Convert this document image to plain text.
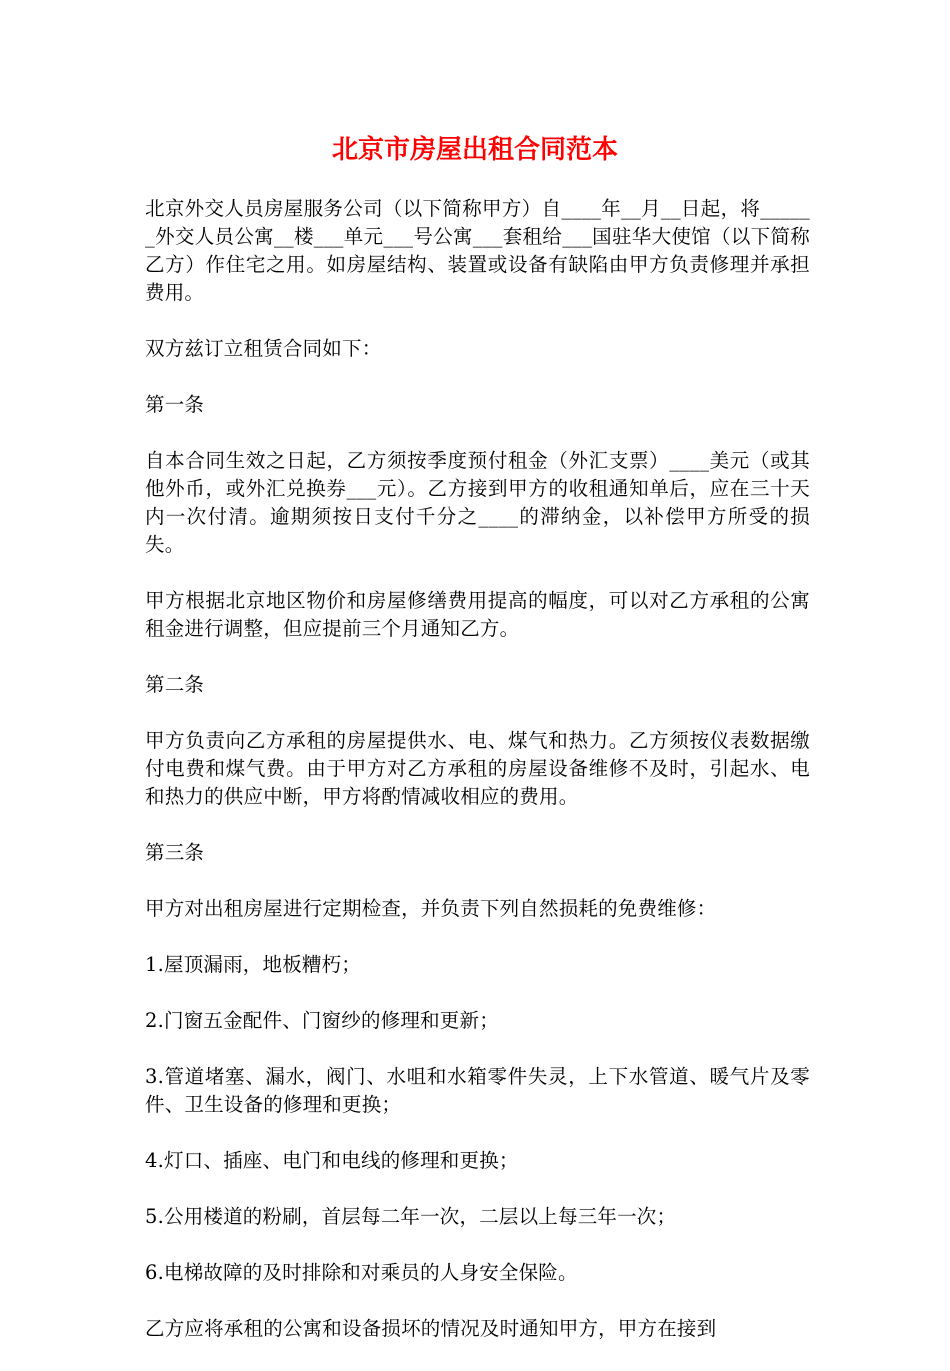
北京市房屋出租合同范本

北京外交人员房屋服务公司（以下简称甲方）自____年__月__日起，将______外交人员公寓__楼___单元___号公寓___套租给___国驻华大使馆（以下简称乙方）作住宅之用。如房屋结构、装置或设备有缺陷由甲方负责修理并承担费用。

双方兹订立租赁合同如下：

第一条

自本合同生效之日起，乙方须按季度预付租金（外汇支票）____美元（或其他外币，或外汇兑换券___元）。乙方接到甲方的收租通知单后，应在三十天内一次付清。逾期须按日支付千分之____的滞纳金，以补偿甲方所受的损失。

甲方根据北京地区物价和房屋修缮费用提高的幅度，可以对乙方承租的公寓租金进行调整，但应提前三个月通知乙方。

第二条

甲方负责向乙方承租的房屋提供水、电、煤气和热力。乙方须按仪表数据缴付电费和煤气费。由于甲方对乙方承租的房屋设备维修不及时，引起水、电和热力的供应中断，甲方将酌情减收相应的费用。

第三条

甲方对出租房屋进行定期检查，并负责下列自然损耗的免费维修：

1.屋顶漏雨，地板糟朽；

2.门窗五金配件、门窗纱的修理和更新；

3.管道堵塞、漏水，阀门、水咀和水箱零件失灵，上下水管道、暖气片及零件、卫生设备的修理和更换；

4.灯口、插座、电门和电线的修理和更换；

5.公用楼道的粉刷，首层每二年一次，二层以上每三年一次；

6.电梯故障的及时排除和对乘员的人身安全保险。

乙方应将承租的公寓和设备损坏的情况及时通知甲方，甲方在接到
